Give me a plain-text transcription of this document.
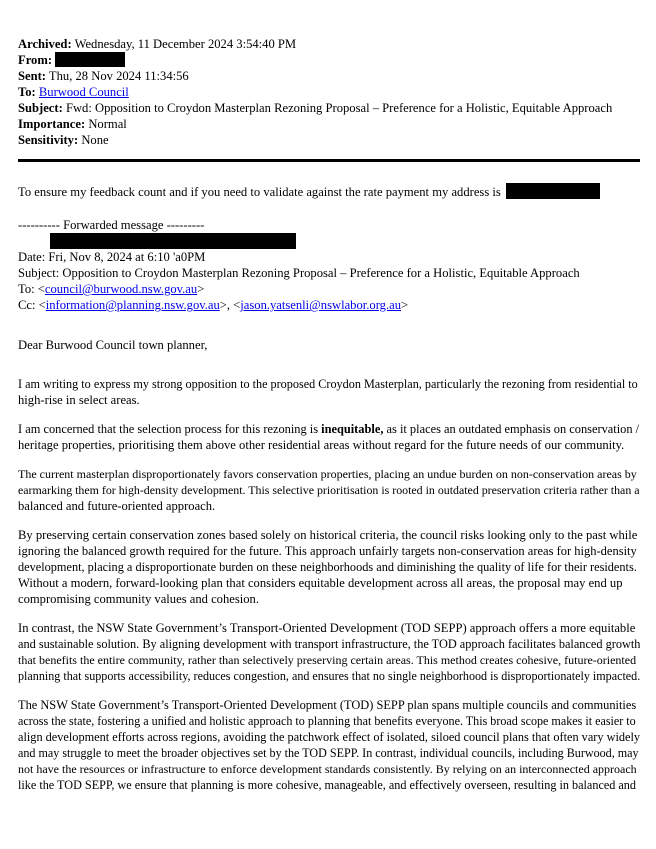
Archived: Wednesday, 11 December 2024 3:54:40 PM
From:
Sent: Thu, 28 Nov 2024 11:34:56
To: Burwood Council
Subject: Fwd: Opposition to Croydon Masterplan Rezoning Proposal – Preference for a Holistic, Equitable Approach
Importance: Normal
Sensitivity: None
To ensure my feedback count and if you need to validate against the rate payment my address is
---------- Forwarded message ---------
Date: Fri, Nov 8, 2024 at 6:10 'a0PM
Subject: Opposition to Croydon Masterplan Rezoning Proposal – Preference for a Holistic, Equitable Approach
To: <council@burwood.nsw.gov.au>
Cc: <information@planning.nsw.gov.au>, <jason.yatsenli@nswlabor.org.au>
Dear Burwood Council town planner,

I am writing to express my strong opposition to the proposed Croydon Masterplan, particularly the rezoning from residential to
high-rise in select areas.

I am concerned that the selection process for this rezoning is inequitable, as it places an outdated emphasis on conservation /
heritage properties, prioritising them above other residential areas without regard for the future needs of our community.

The current masterplan disproportionately favors conservation properties, placing an undue burden on non-conservation areas by
earmarking them for high-density development. This selective prioritisation is rooted in outdated preservation criteria rather than a
balanced and future-oriented approach.

By preserving certain conservation zones based solely on historical criteria, the council risks looking only to the past while
ignoring the balanced growth required for the future. This approach unfairly targets non-conservation areas for high-density
development, placing a disproportionate burden on these neighborhoods and diminishing the quality of life for their residents.
Without a modern, forward-looking plan that considers equitable development across all areas, the proposal may end up
compromising community values and cohesion.

In contrast, the NSW State Government’s Transport-Oriented Development (TOD SEPP) approach offers a more equitable
and sustainable solution. By aligning development with transport infrastructure, the TOD approach facilitates balanced growth
that benefits the entire community, rather than selectively preserving certain areas. This method creates cohesive, future-oriented
planning that supports accessibility, reduces congestion, and ensures that no single neighborhood is disproportionately impacted.

The NSW State Government’s Transport-Oriented Development (TOD) SEPP plan spans multiple councils and communities
across the state, fostering a unified and holistic approach to planning that benefits everyone. This broad scope makes it easier to
align development efforts across regions, avoiding the patchwork effect of isolated, siloed council plans that often vary widely
and may struggle to meet the broader objectives set by the TOD SEPP. In contrast, individual councils, including Burwood, may
not have the resources or infrastructure to enforce development standards consistently. By relying on an interconnected approach
like the TOD SEPP, we ensure that planning is more cohesive, manageable, and effectively overseen, resulting in balanced and
